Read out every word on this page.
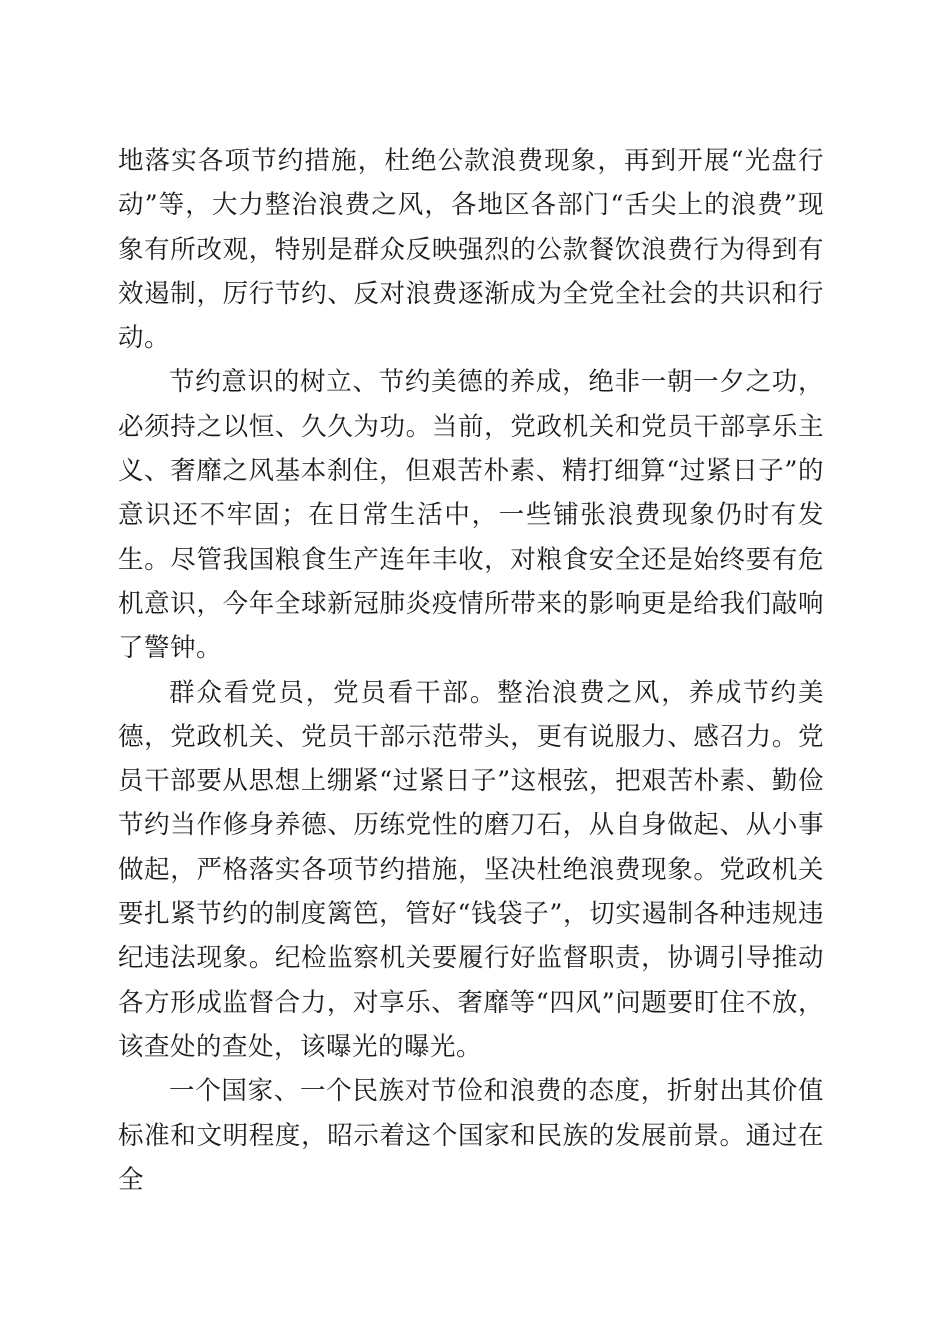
地落实各项节约措施，杜绝公款浪费现象，再到开展“光盘行动”等，大力整治浪费之风，各地区各部门“舌尖上的浪费”现象有所改观，特别是群众反映强烈的公款餐饮浪费行为得到有效遏制，厉行节约、反对浪费逐渐成为全党全社会的共识和行动。

节约意识的树立、节约美德的养成，绝非一朝一夕之功，必须持之以恒、久久为功。当前，党政机关和党员干部享乐主义、奢靡之风基本刹住，但艰苦朴素、精打细算“过紧日子”的意识还不牢固；在日常生活中，一些铺张浪费现象仍时有发生。尽管我国粮食生产连年丰收，对粮食安全还是始终要有危机意识，今年全球新冠肺炎疫情所带来的影响更是给我们敲响了警钟。

群众看党员，党员看干部。整治浪费之风，养成节约美德，党政机关、党员干部示范带头，更有说服力、感召力。党员干部要从思想上绷紧“过紧日子”这根弦，把艰苦朴素、勤俭节约当作修身养德、历练党性的磨刀石，从自身做起、从小事做起，严格落实各项节约措施，坚决杜绝浪费现象。党政机关要扎紧节约的制度篱笆，管好“钱袋子”，切实遏制各种违规违纪违法现象。纪检监察机关要履行好监督职责，协调引导推动各方形成监督合力，对享乐、奢靡等“四风”问题要盯住不放，该查处的查处，该曝光的曝光。

一个国家、一个民族对节俭和浪费的态度，折射出其价值标准和文明程度，昭示着这个国家和民族的发展前景。通过在全
